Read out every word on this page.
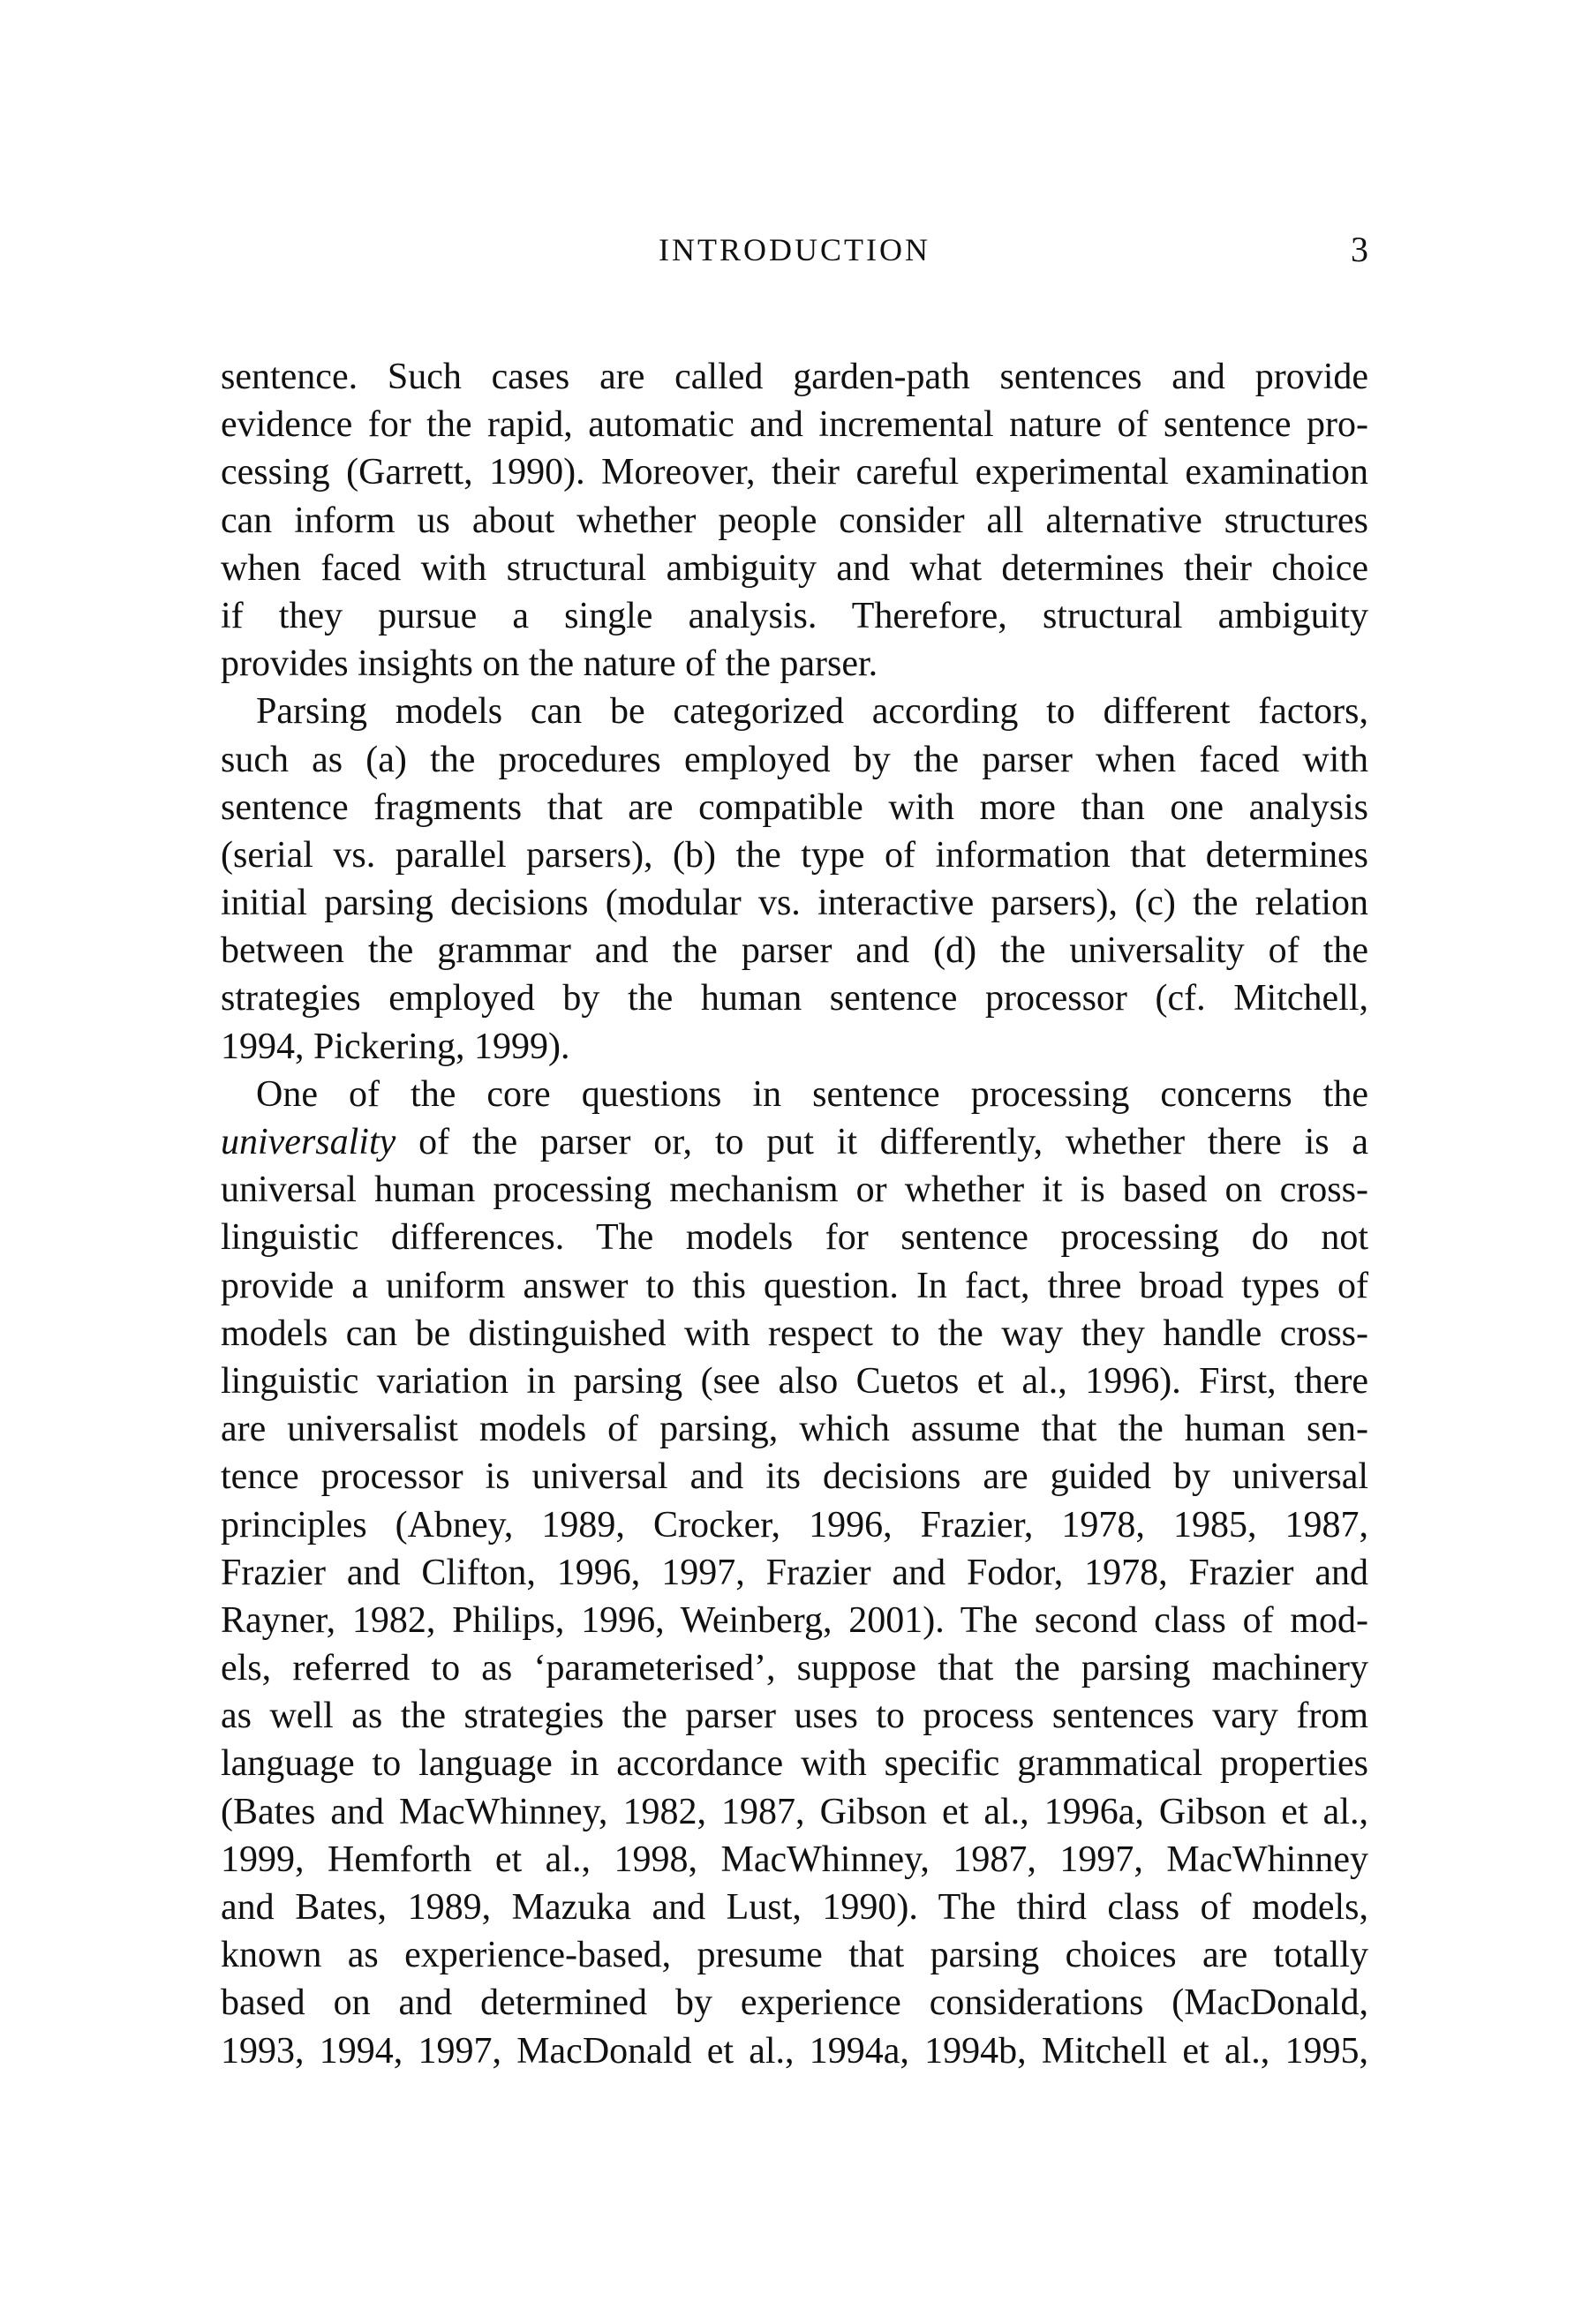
INTRODUCTION	3
sentence. Such cases are called garden-path sentences and provide
evidence for the rapid, automatic and incremental nature of sentence pro-
cessing (Garrett, 1990). Moreover, their careful experimental examination
can inform us about whether people consider all alternative structures
when faced with structural ambiguity and what determines their choice
if they pursue a single analysis. Therefore, structural ambiguity
provides insights on the nature of the parser.
Parsing models can be categorized according to different factors,
such as (a) the procedures employed by the parser when faced with
sentence fragments that are compatible with more than one analysis
(serial vs. parallel parsers), (b) the type of information that determines
initial parsing decisions (modular vs. interactive parsers), (c) the relation
between the grammar and the parser and (d) the universality of the
strategies employed by the human sentence processor (cf. Mitchell,
1994, Pickering, 1999).
One of the core questions in sentence processing concerns the
universality of the parser or, to put it differently, whether there is a
universal human processing mechanism or whether it is based on cross-
linguistic differences. The models for sentence processing do not
provide a uniform answer to this question. In fact, three broad types of
models can be distinguished with respect to the way they handle cross-
linguistic variation in parsing (see also Cuetos et al., 1996). First, there
are universalist models of parsing, which assume that the human sen-
tence processor is universal and its decisions are guided by universal
principles (Abney, 1989, Crocker, 1996, Frazier, 1978, 1985, 1987,
Frazier and Clifton, 1996, 1997, Frazier and Fodor, 1978, Frazier and
Rayner, 1982, Philips, 1996, Weinberg, 2001). The second class of mod-
els, referred to as ‘parameterised’, suppose that the parsing machinery
as well as the strategies the parser uses to process sentences vary from
language to language in accordance with specific grammatical properties
(Bates and MacWhinney, 1982, 1987, Gibson et al., 1996a, Gibson et al.,
1999, Hemforth et al., 1998, MacWhinney, 1987, 1997, MacWhinney
and Bates, 1989, Mazuka and Lust, 1990). The third class of models,
known as experience-based, presume that parsing choices are totally
based on and determined by experience considerations (MacDonald,
1993, 1994, 1997, MacDonald et al., 1994a, 1994b, Mitchell et al., 1995,
